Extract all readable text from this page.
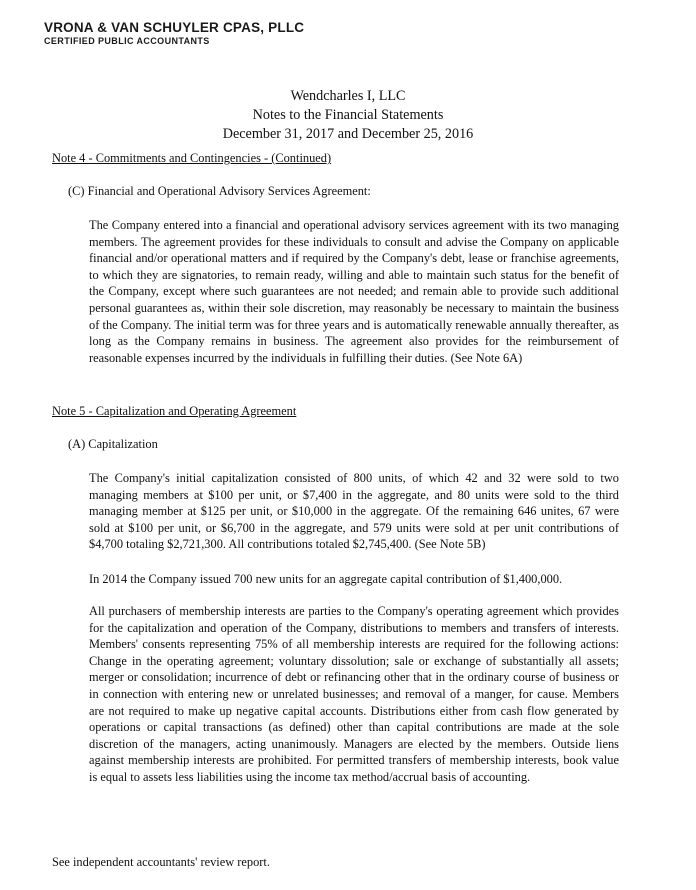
VRONA & VAN SCHUYLER CPAS, PLLC
CERTIFIED PUBLIC ACCOUNTANTS
Wendcharles I, LLC
Notes to the Financial Statements
December 31, 2017 and December 25, 2016
Note 4 - Commitments and Contingencies - (Continued)
(C) Financial and Operational Advisory Services Agreement:
The Company entered into a financial and operational advisory services agreement with its two managing members. The agreement provides for these individuals to consult and advise the Company on applicable financial and/or operational matters and if required by the Company's debt, lease or franchise agreements, to which they are signatories, to remain ready, willing and able to maintain such status for the benefit of the Company, except where such guarantees are not needed; and remain able to provide such additional personal guarantees as, within their sole discretion, may reasonably be necessary to maintain the business of the Company. The initial term was for three years and is automatically renewable annually thereafter, as long as the Company remains in business. The agreement also provides for the reimbursement of reasonable expenses incurred by the individuals in fulfilling their duties. (See Note 6A)
Note 5 - Capitalization and Operating Agreement
(A) Capitalization
The Company's initial capitalization consisted of 800 units, of which 42 and 32 were sold to two managing members at $100 per unit, or $7,400 in the aggregate, and 80 units were sold to the third managing member at $125 per unit, or $10,000 in the aggregate. Of the remaining 646 unites, 67 were sold at $100 per unit, or $6,700 in the aggregate, and 579 units were sold at per unit contributions of $4,700 totaling $2,721,300. All contributions totaled $2,745,400. (See Note 5B)
In 2014 the Company issued 700 new units for an aggregate capital contribution of $1,400,000.
All purchasers of membership interests are parties to the Company's operating agreement which provides for the capitalization and operation of the Company, distributions to members and transfers of interests. Members' consents representing 75% of all membership interests are required for the following actions: Change in the operating agreement; voluntary dissolution; sale or exchange of substantially all assets; merger or consolidation; incurrence of debt or refinancing other that in the ordinary course of business or in connection with entering new or unrelated businesses; and removal of a manger, for cause. Members are not required to make up negative capital accounts. Distributions either from cash flow generated by operations or capital transactions (as defined) other than capital contributions are made at the sole discretion of the managers, acting unanimously. Managers are elected by the members. Outside liens against membership interests are prohibited. For permitted transfers of membership interests, book value is equal to assets less liabilities using the income tax method/accrual basis of accounting.
See independent accountants' review report.
